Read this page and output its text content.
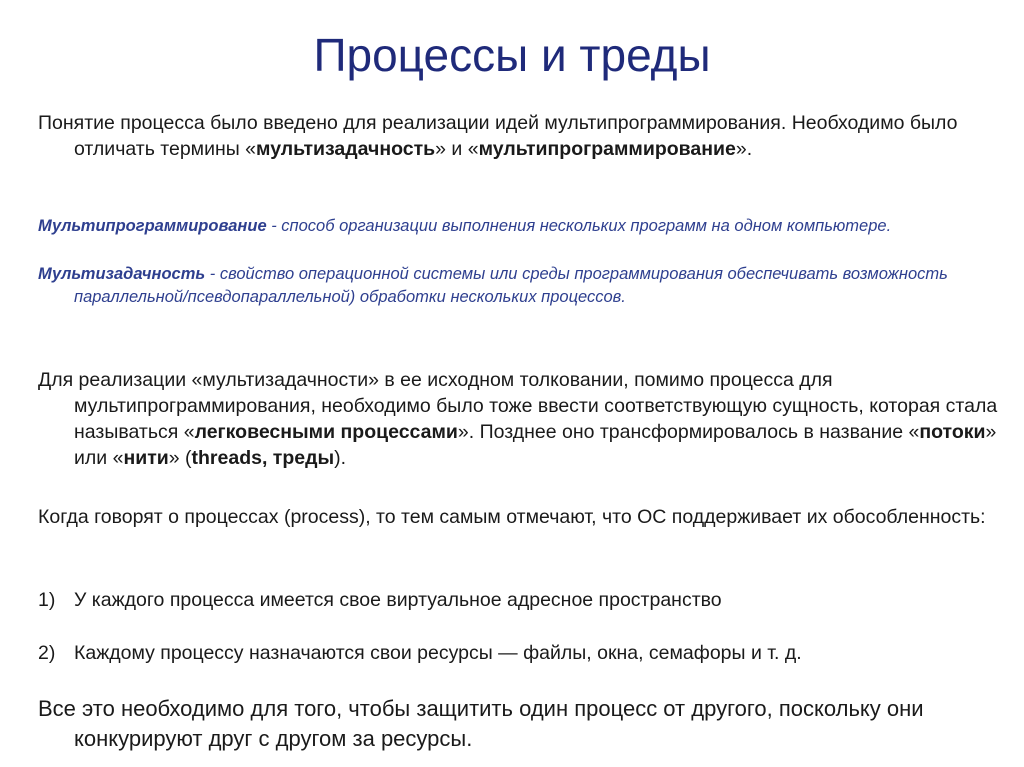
Процессы и треды

Понятие процесса было введено для реализации идей мультипрограммирования. Необходимо было отличать термины «мультизадачность» и «мультипрограммирование».

Мультипрограммирование - способ организации выполнения нескольких программ на одном компьютере.

Мультизадачность - свойство операционной системы или среды программирования обеспечивать возможность параллельной/псевдопараллельной) обработки нескольких процессов.

Для реализации «мультизадачности» в ее исходном толковании, помимо процесса для мультипрограммирования, необходимо было тоже ввести соответствующую сущность, которая стала называться «легковесными процессами». Позднее оно трансформировалось в название «потоки» или «нити» (threads, треды).

Когда говорят о процессах (process), то тем самым отмечают, что ОС поддерживает их обособленность:

1) У каждого процесса имеется свое виртуальное адресное пространство

2) Каждому процессу назначаются свои ресурсы — файлы, окна, семафоры и т. д.

Все это необходимо для того, чтобы защитить один процесс от другого, поскольку они конкурируют друг с другом за ресурсы.
